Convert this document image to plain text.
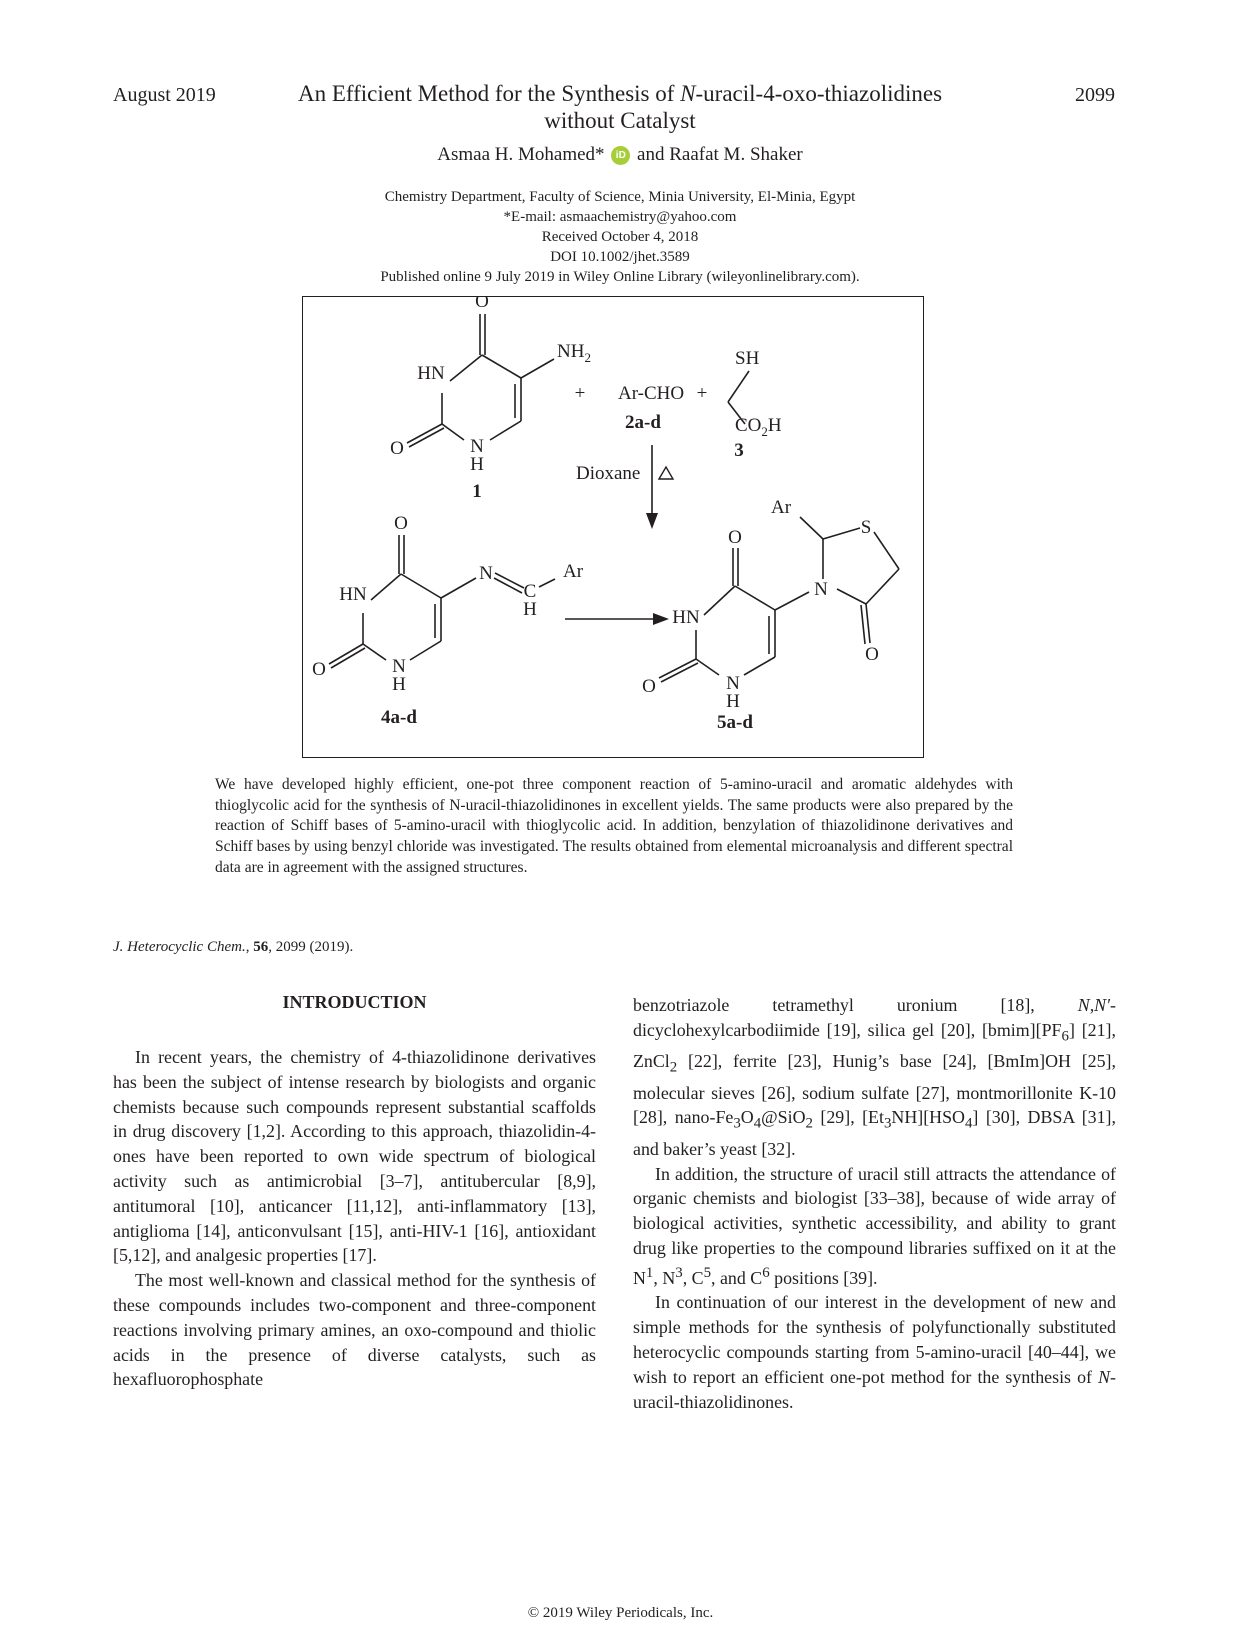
August 2019	2099
An Efficient Method for the Synthesis of N-uracil-4-oxo-thiazolidines
without Catalyst
Asmaa H. Mohamed* iD and Raafat M. Shaker
Chemistry Department, Faculty of Science, Minia University, El-Minia, Egypt
*E-mail: asmaachemistry@yahoo.com
Received October 4, 2018
DOI 10.1002/jhet.3589
Published online 9 July 2019 in Wiley Online Library (wileyonlinelibrary.com).
O
HN
O	N
H
$NH_2$
1
+ Ar-CHO +
2a-d
SH
$CO_2H$
3
Dioxane
O
HN
O	N
H
N
C
H
Ar
4a-d
O
HN
O	N
H
N
S
O
Ar
5a-d
We have developed highly efficient, one-pot three component reaction of 5-amino-uracil and aromatic aldehydes with thioglycolic acid for the synthesis of N-uracil-thiazolidinones in excellent yields. The same products were also prepared by the reaction of Schiff bases of 5-amino-uracil with thioglycolic acid. In addition, benzylation of thiazolidinone derivatives and Schiff bases by using benzyl chloride was investigated. The results obtained from elemental microanalysis and different spectral data are in agreement with the assigned structures.
J. Heterocyclic Chem., 56, 2099 (2019).
INTRODUCTION

In recent years, the chemistry of 4-thiazolidinone derivatives has been the subject of intense research by biologists and organic chemists because such compounds represent substantial scaffolds in drug discovery [1,2]. According to this approach, thiazolidin-4-ones have been reported to own wide spectrum of biological activity such as antimicrobial [3–7], antitubercular [8,9], antitumoral [10], anticancer [11,12], anti-inflammatory [13], antiglioma [14], anticonvulsant [15], anti-HIV-1 [16], antioxidant [5,12], and analgesic properties [17].

The most well-known and classical method for the synthesis of these compounds includes two-component and three-component reactions involving primary amines, an oxo-compound and thiolic acids in the presence of diverse catalysts, such as hexafluorophosphate

benzotriazole tetramethyl uronium [18], N,N′-dicyclohexylcarbodiimide [19], silica gel [20], $[bmim][PF_6]$ [21], ZnCl$_2$ [22], ferrite [23], Hunig’s base [24], [BmIm]OH [25], molecular sieves [26], sodium sulfate [27], montmorillonite K-10 [28], nano-$Fe_3O_4@SiO_2$ [29], $[Et_3NH][HSO_4]$ [30], DBSA [31], and baker’s yeast [32].

In addition, the structure of uracil still attracts the attendance of organic chemists and biologist [33–38], because of wide array of biological activities, synthetic accessibility, and ability to grant drug like properties to the compound libraries suffixed on it at the $N^1$, $N^3$, $C^5$, and $C^6$ positions [39].

In continuation of our interest in the development of new and simple methods for the synthesis of polyfunctionally substituted heterocyclic compounds starting from 5-amino-uracil [40–44], we wish to report an efficient one-pot method for the synthesis of N-uracil-thiazolidinones.

© 2019 Wiley Periodicals, Inc.
